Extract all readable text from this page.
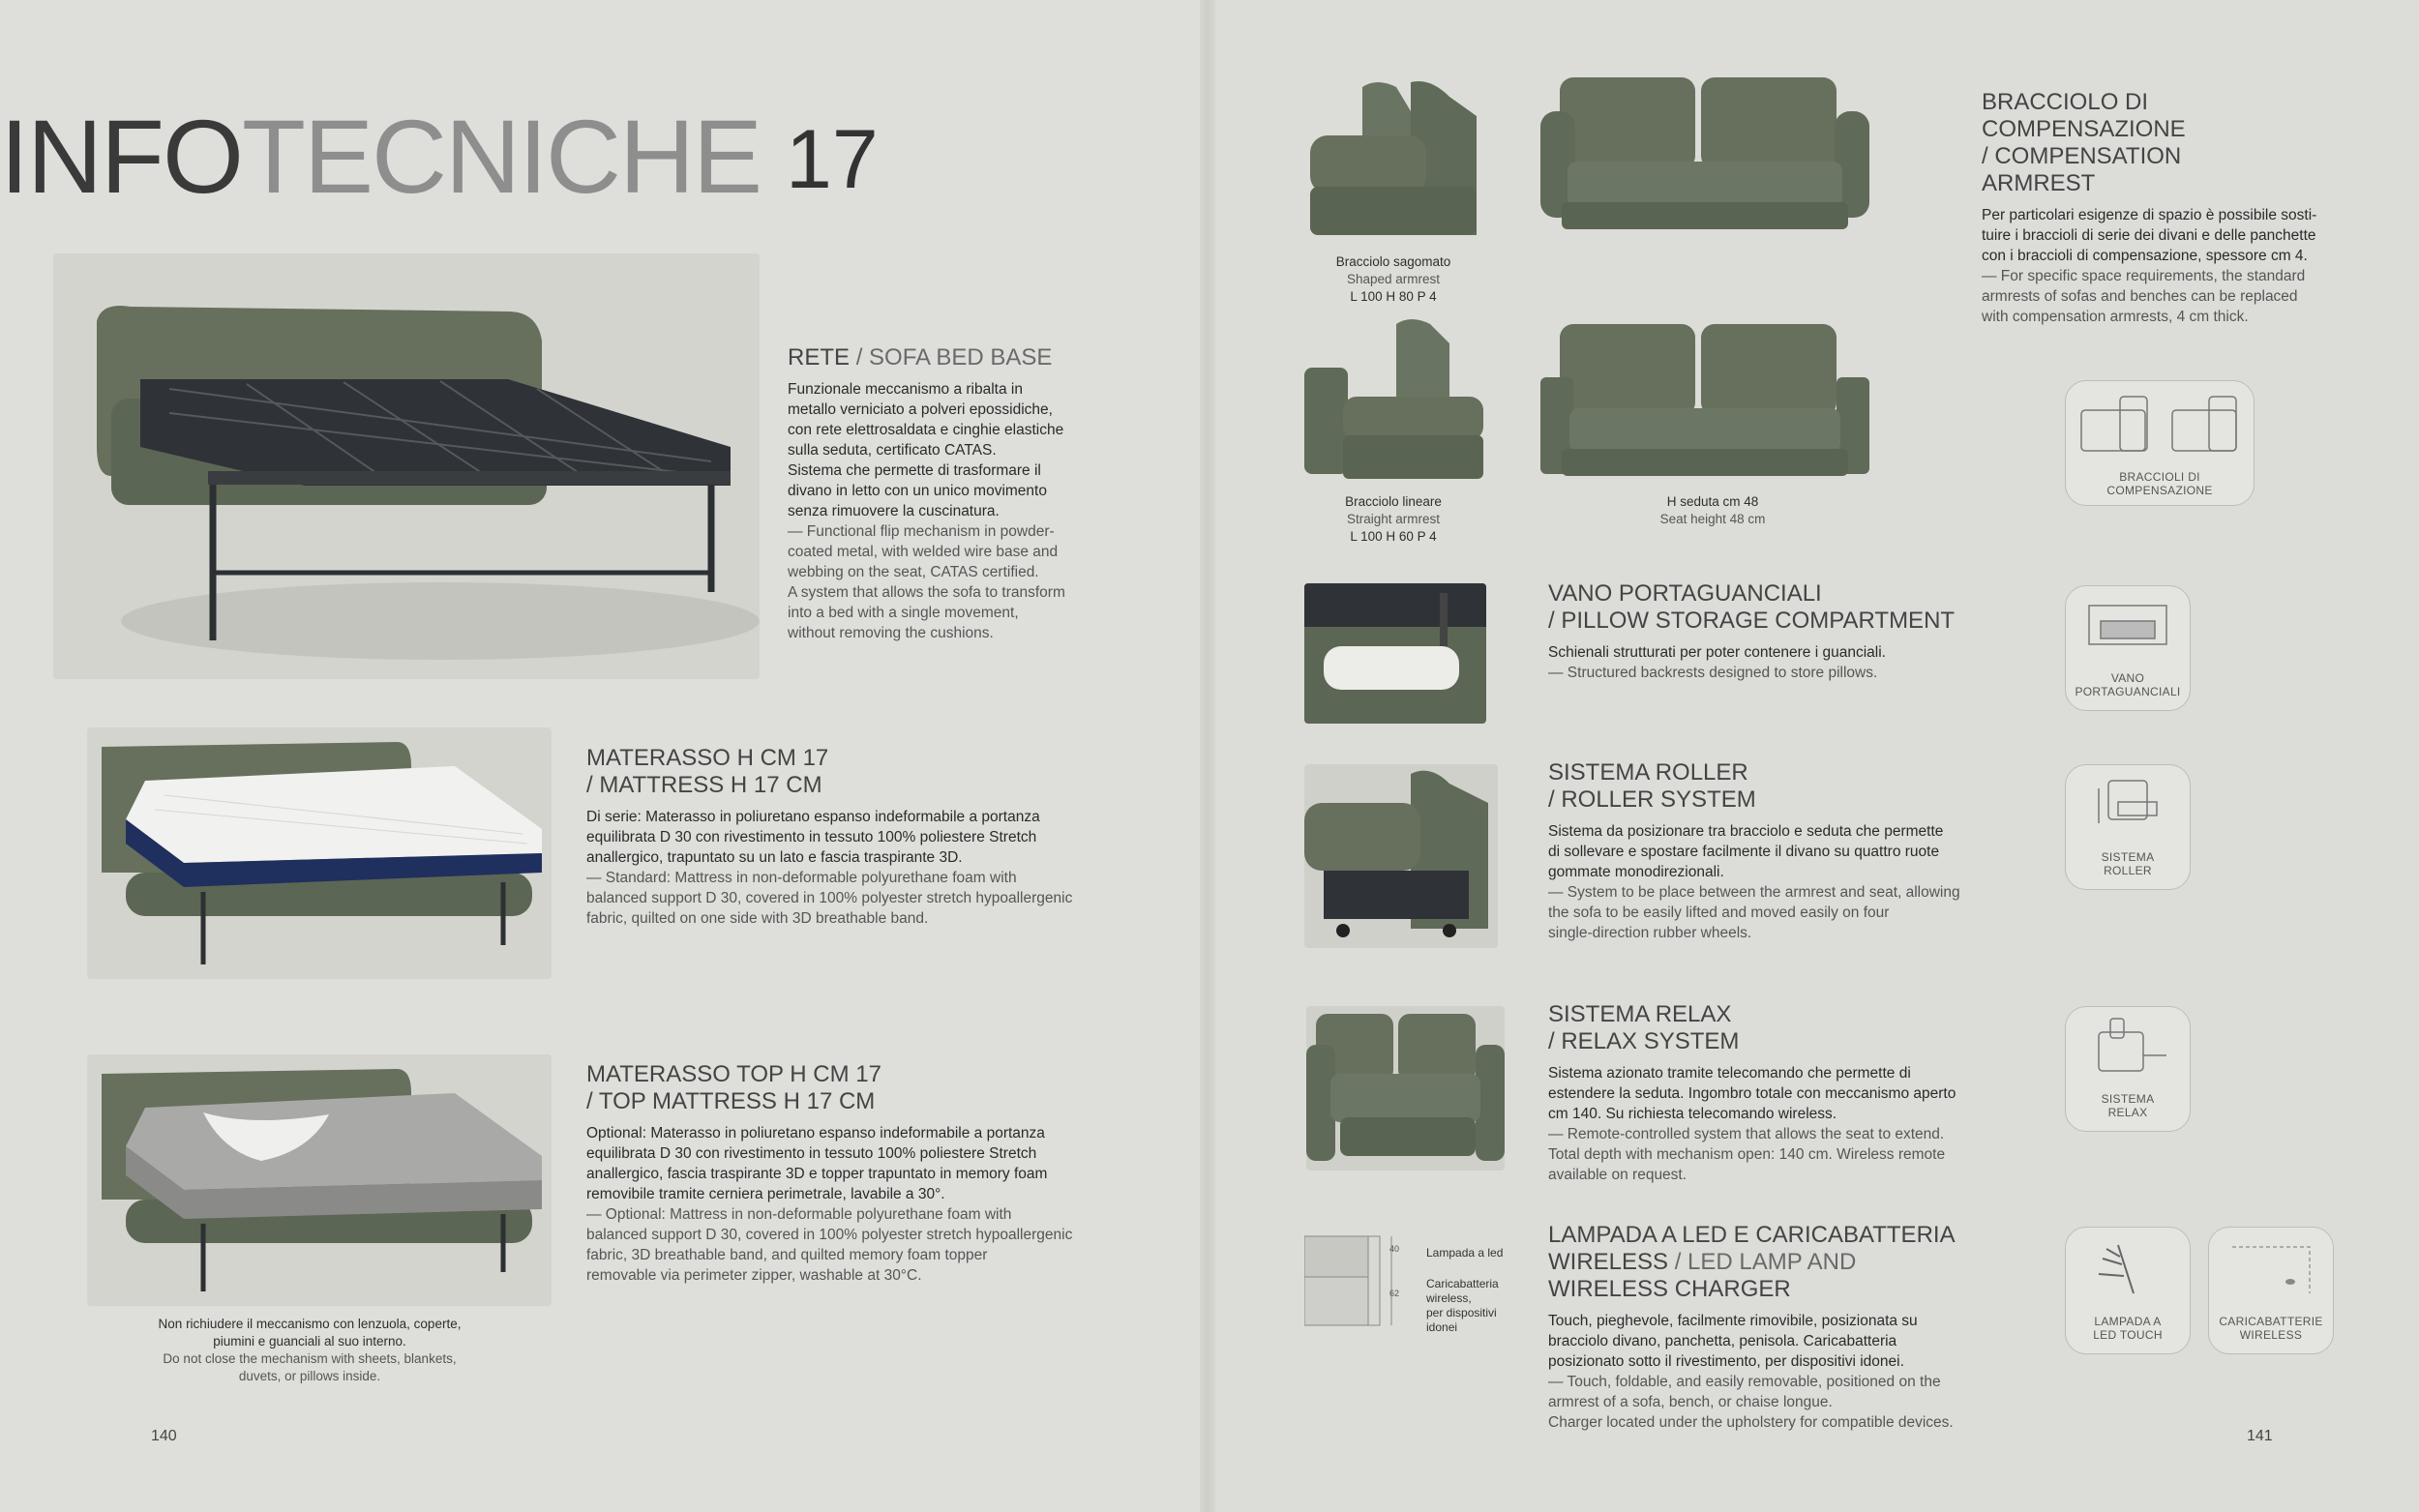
INFOTECNICHE 17
RETE / SOFA BED BASE
Funzionale meccanismo a ribalta in
metallo verniciato a polveri epossidiche,
con rete elettrosaldata e cinghie elastiche
sulla seduta, certificato CATAS.
Sistema che permette di trasformare il
divano in letto con un unico movimento
senza rimuovere la cuscinatura.
— Functional flip mechanism in powder-
coated metal, with welded wire base and
webbing on the seat, CATAS certified.
A system that allows the sofa to transform
into a bed with a single movement,
without removing the cushions.
MATERASSO H CM 17
/ MATTRESS H 17 CM
Di serie: Materasso in poliuretano espanso indeformabile a portanza
equilibrata D 30 con rivestimento in tessuto 100% poliestere Stretch
anallergico, trapuntato su un lato e fascia traspirante 3D.
— Standard: Mattress in non-deformable polyurethane foam with
balanced support D 30, covered in 100% polyester stretch hypoallergenic
fabric, quilted on one side with 3D breathable band.
MATERASSO TOP H CM 17
/ TOP MATTRESS H 17 CM
Optional: Materasso in poliuretano espanso indeformabile a portanza
equilibrata D 30 con rivestimento in tessuto 100% poliestere Stretch
anallergico, fascia traspirante 3D e topper trapuntato in memory foam
removibile tramite cerniera perimetrale, lavabile a 30°.
— Optional: Mattress in non-deformable polyurethane foam with
balanced support D 30, covered in 100% polyester stretch hypoallergenic
fabric, 3D breathable band, and quilted memory foam topper
removable via perimeter zipper, washable at 30°C.
Non richiudere il meccanismo con lenzuola, coperte,
piumini e guanciali al suo interno.
Do not close the mechanism with sheets, blankets,
duvets, or pillows inside.
140
Bracciolo sagomato
Shaped armrest
L 100 H 80 P 4
Bracciolo lineare
Straight armrest
L 100 H 60 P 4
H seduta cm 48
Seat height 48 cm
BRACCIOLO DI
COMPENSAZIONE
/ COMPENSATION
ARMREST
Per particolari esigenze di spazio è possibile sosti-
tuire i braccioli di serie dei divani e delle panchette
con i braccioli di compensazione, spessore cm 4.
— For specific space requirements, the standard
armrests of sofas and benches can be replaced
with compensation armrests, 4 cm thick.
BRACCIOLI DI
COMPENSAZIONE
VANO PORTAGUANCIALI
/ PILLOW STORAGE COMPARTMENT
Schienali strutturati per poter contenere i guanciali.
— Structured backrests designed to store pillows.	VANO
PORTAGUANCIALI
SISTEMA ROLLER
/ ROLLER SYSTEM
Sistema da posizionare tra bracciolo e seduta che permette
di sollevare e spostare facilmente il divano su quattro ruote
gommate monodirezionali.
— System to be place between the armrest and seat, allowing
the sofa to be easily lifted and moved easily on four
single-direction rubber wheels.
SISTEMA
ROLLER
SISTEMA RELAX
/ RELAX SYSTEM
Sistema azionato tramite telecomando che permette di
estendere la seduta. Ingombro totale con meccanismo aperto
cm 140. Su richiesta telecomando wireless.
— Remote-controlled system that allows the seat to extend.
Total depth with mechanism open: 140 cm. Wireless remote
available on request.
SISTEMA
RELAX
40
62
Lampada a led
Caricabatteria
wireless,
per dispositivi
idonei
LAMPADA A LED E CARICABATTERIA
WIRELESS / LED LAMP AND
WIRELESS CHARGER
Touch, pieghevole, facilmente rimovibile, posizionata su
bracciolo divano, panchetta, penisola. Caricabatteria
posizionato sotto il rivestimento, per dispositivi idonei.
— Touch, foldable, and easily removable, positioned on the
armrest of a sofa, bench, or chaise longue.
Charger located under the upholstery for compatible devices.
LAMPADA A
LED TOUCH
CARICABATTERIE
WIRELESS
141
